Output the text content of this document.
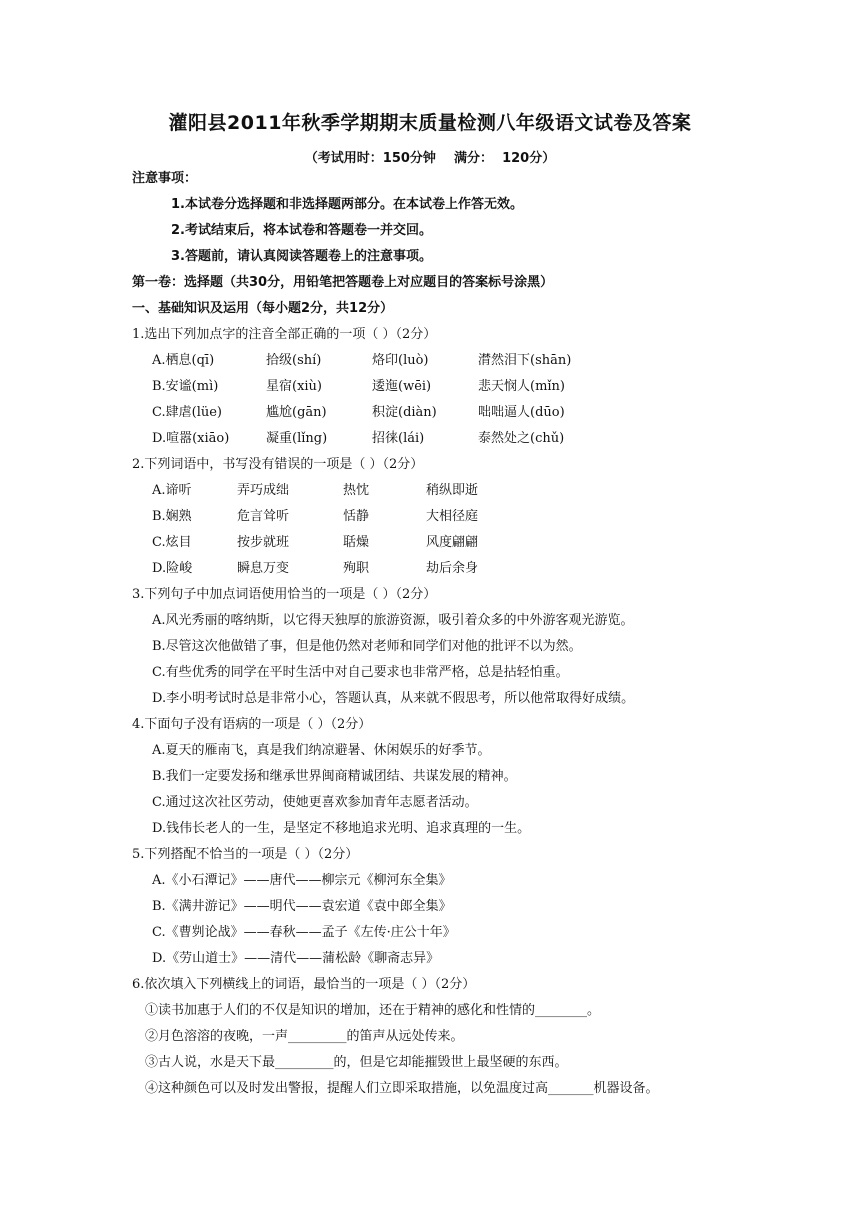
灌阳县2011年秋季学期期末质量检测八年级语文试卷及答案
（考试用时：150分钟    满分：  120分）
注意事项：
1.本试卷分选择题和非选择题两部分。在本试卷上作答无效。
2.考试结束后，将本试卷和答题卷一并交回。
3.答题前，请认真阅读答题卷上的注意事项。
第一卷：选择题（共30分，用铅笔把答题卷上对应题目的答案标号涂黑）
一、基础知识及运用（每小题2分，共12分）
1.选出下列加点字的注音全部正确的一项（ ）（2分）
A.栖息(qī)	拾级(shí)	烙印(luò)	潸然泪下(shān)
B.安谧(mì)	星宿(xiù)	逶迤(wēi)	悲天悯人(mǐn)
C.肆虐(lüe)	尴尬(gān)	积淀(diàn)	咄咄逼人(dūo)
D.喧嚣(xiāo)	凝重(lǐng)	招徕(lái)	泰然处之(chǔ)
2.下列词语中，书写没有错误的一项是（ ）（2分）
A.谛听	弄巧成绌	热忱	稍纵即逝
B.娴熟	危言耸听	恬静	大相径庭
C.炫目	按步就班	聒燥	风度翩翩
D.险峻	瞬息万变	殉职	劫后余身
3.下列句子中加点词语使用恰当的一项是（ ）（2分）
A.风光秀丽的喀纳斯，以它得天独厚的旅游资源，吸引着众多的中外游客观光游览。
B.尽管这次他做错了事，但是他仍然对老师和同学们对他的批评不以为然。
C.有些优秀的同学在平时生活中对自己要求也非常严格，总是拈轻怕重。
D.李小明考试时总是非常小心，答题认真，从来就不假思考，所以他常取得好成绩。
4.下面句子没有语病的一项是（ ）（2分）
A.夏天的雁南飞，真是我们纳凉避暑、休闲娱乐的好季节。
B.我们一定要发扬和继承世界闽商精诚团结、共谋发展的精神。
C.通过这次社区劳动，使她更喜欢参加青年志愿者活动。
D.钱伟长老人的一生，是坚定不移地追求光明、追求真理的一生。
5.下列搭配不恰当的一项是（ ）（2分）
A.《小石潭记》——唐代——柳宗元《柳河东全集》
B.《满井游记》——明代——袁宏道《袁中郎全集》
C.《曹刿论战》——春秋——孟子《左传·庄公十年》
D.《劳山道士》——清代——蒲松龄《聊斋志异》
6.依次填入下列横线上的词语，最恰当的一项是（ ）（2分）
①读书加惠于人们的不仅是知识的增加，还在于精神的感化和性情的________。
②月色溶溶的夜晚，一声_________的笛声从远处传来。
③古人说，水是天下最_________的，但是它却能摧毁世上最坚硬的东西。
④这种颜色可以及时发出警报，提醒人们立即采取措施，以免温度过高_______机器设备。
